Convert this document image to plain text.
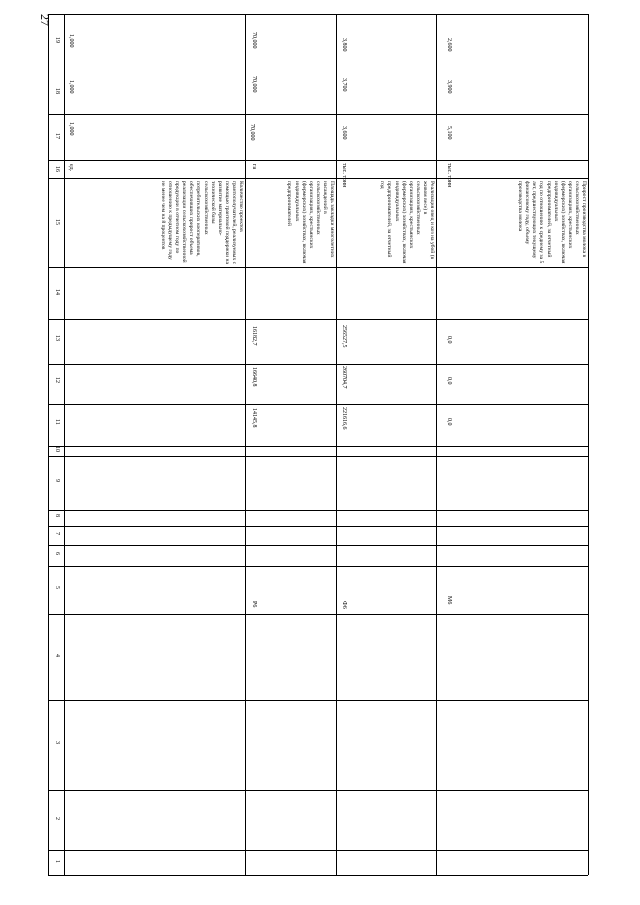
27
19
18
17
16
15
14
13
12
11
10
9
8
7
6
5
4
3
2
1
1,000
1,000
1,000
ед.
Количество проектов грантополучателей, реализуемых с помощью грантовой поддержки на развитие материально-технической базы сельскохозяйственных потребительских кооперативов, обеспечивших прирост объема реализации сельскохозяйственной продукции в отчетном году по отношению к предыдущему году не менее чем на 8 процентов
70,000
70,000
70,000
га
Площадь закладки многолетних насаждений в сельскохозяйственных организациях, крестьянских (фермерских) хозяйствах, включая индивидуальных предпринимателей
16182,7
16640,8
14145,8
Р6
3,800
3,700
3,600
тыс. тонн
Реализация овец и коз на убой (в живом весе) в сельскохозяйственных организациях, крестьянских (фермерских) хозяйствах, включая индивидуальных предпринимателей, за отчетный год
256527,5
260704,7
221616,6
Ф6
2,600
3,900
5,100
тыс. тонн
Прирост производства молока в сельскохозяйственных организациях, крестьянских (фермерских) хозяйствах, включая индивидуальных предпринимателей, за отчетный год по отношению к среднему за 5 лет, предшествующих текущему финансовому году, объему производства молока
0,0
0,0
0,0
М6
